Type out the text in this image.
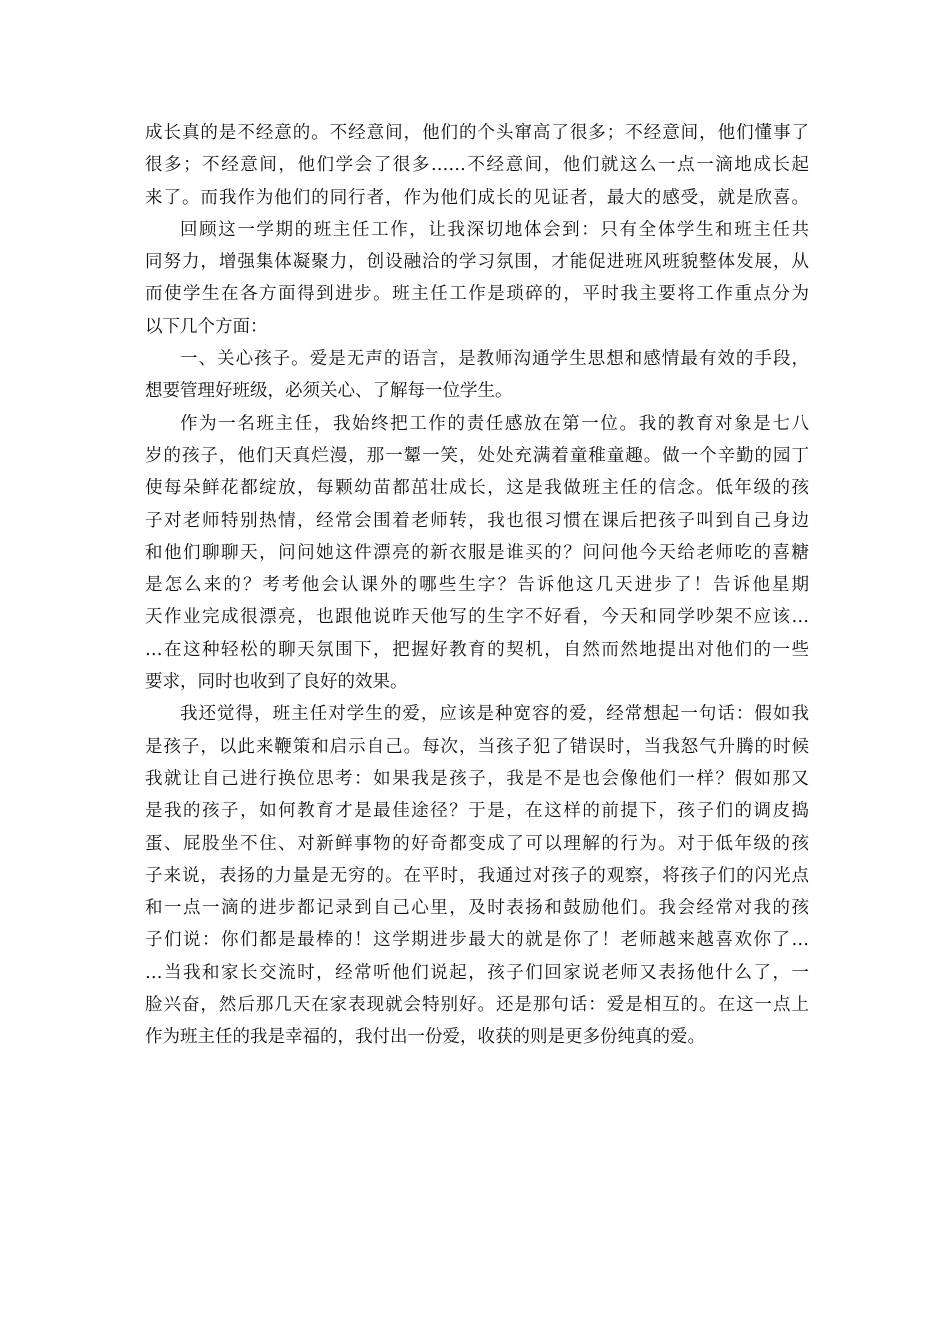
成长真的是不经意的。不经意间，他们的个头窜高了很多；不经意间，他们懂事了
很多；不经意间，他们学会了很多……不经意间，他们就这么一点一滴地成长起
来了。而我作为他们的同行者，作为他们成长的见证者，最大的感受，就是欣喜。
回顾这一学期的班主任工作，让我深切地体会到：只有全体学生和班主任共
同努力，增强集体凝聚力，创设融洽的学习氛围，才能促进班风班貌整体发展，从
而使学生在各方面得到进步。班主任工作是琐碎的，平时我主要将工作重点分为
以下几个方面：
一、关心孩子。爱是无声的语言，是教师沟通学生思想和感情最有效的手段，
想要管理好班级，必须关心、了解每一位学生。
作为一名班主任，我始终把工作的责任感放在第一位。我的教育对象是七八
岁的孩子，他们天真烂漫，那一颦一笑，处处充满着童稚童趣。做一个辛勤的园丁
使每朵鲜花都绽放，每颗幼苗都茁壮成长，这是我做班主任的信念。低年级的孩
子对老师特别热情，经常会围着老师转，我也很习惯在课后把孩子叫到自己身边
和他们聊聊天，问问她这件漂亮的新衣服是谁买的？问问他今天给老师吃的喜糖
是怎么来的？考考他会认课外的哪些生字？告诉他这几天进步了！告诉他星期
天作业完成很漂亮，也跟他说昨天他写的生字不好看，今天和同学吵架不应该…
…在这种轻松的聊天氛围下，把握好教育的契机，自然而然地提出对他们的一些
要求，同时也收到了良好的效果。
我还觉得，班主任对学生的爱，应该是种宽容的爱，经常想起一句话：假如我
是孩子，以此来鞭策和启示自己。每次，当孩子犯了错误时，当我怒气升腾的时候
我就让自己进行换位思考：如果我是孩子，我是不是也会像他们一样？假如那又
是我的孩子，如何教育才是最佳途径？于是，在这样的前提下，孩子们的调皮捣
蛋、屁股坐不住、对新鲜事物的好奇都变成了可以理解的行为。对于低年级的孩
子来说，表扬的力量是无穷的。在平时，我通过对孩子的观察，将孩子们的闪光点
和一点一滴的进步都记录到自己心里，及时表扬和鼓励他们。我会经常对我的孩
子们说：你们都是最棒的！这学期进步最大的就是你了！老师越来越喜欢你了…
…当我和家长交流时，经常听他们说起，孩子们回家说老师又表扬他什么了，一
脸兴奋，然后那几天在家表现就会特别好。还是那句话：爱是相互的。在这一点上
作为班主任的我是幸福的，我付出一份爱，收获的则是更多份纯真的爱。
